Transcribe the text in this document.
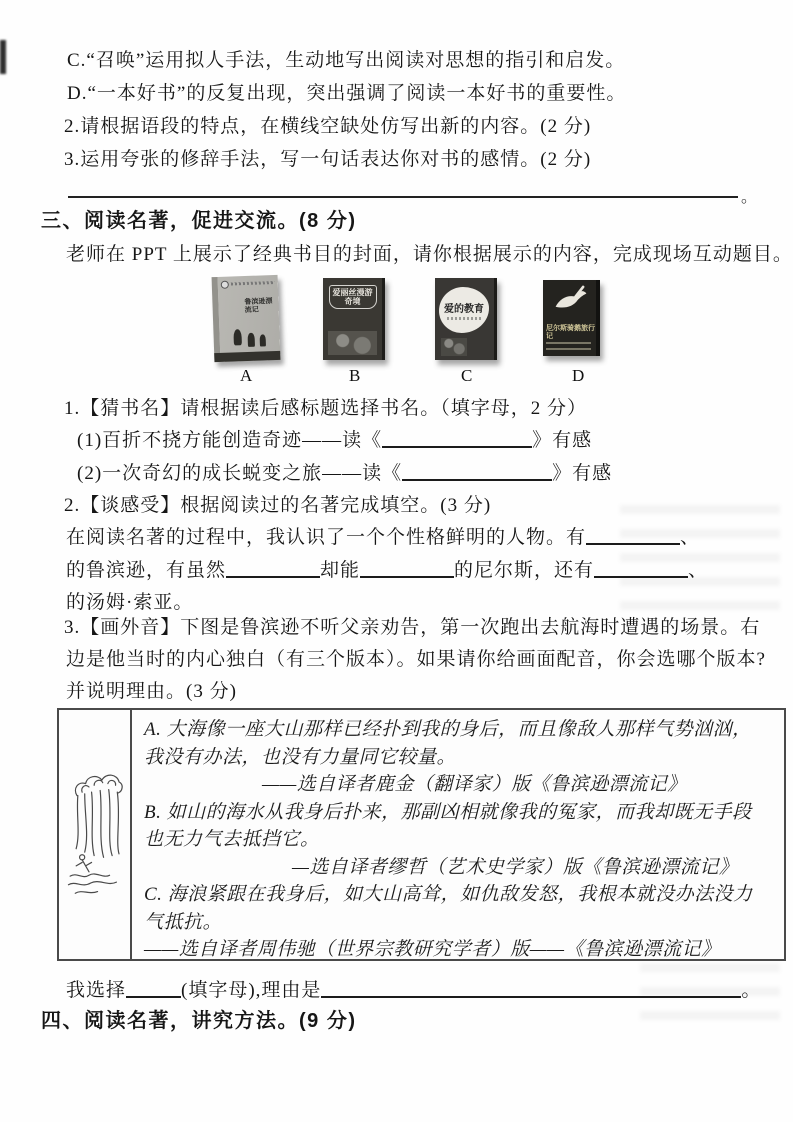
C.“召唤”运用拟人手法，生动地写出阅读对思想的指引和启发。
D.“一本好书”的反复出现，突出强调了阅读一本好书的重要性。
2.请根据语段的特点，在横线空缺处仿写出新的内容。(2 分)
3.运用夸张的修辞手法，写一句话表达你对书的感情。(2 分)
。
三、阅读名著，促进交流。(8 分)
老师在 PPT 上展示了经典书目的封面，请你根据展示的内容，完成现场互动题目。
鲁滨逊漂流记
爱丽丝漫游奇境
爱的教育
尼尔斯骑鹅旅行记
A	B	C	D
1.【猜书名】请根据读后感标题选择书名。（填字母，2 分）
(1)百折不挠方能创造奇迹——读《	》有感
(2)一次奇幻的成长蜕变之旅——读《	》有感
2.【谈感受】根据阅读过的名著完成填空。(3 分)
在阅读名著的过程中，我认识了一个个性格鲜明的人物。有	、
的鲁滨逊，有虽然	却能	的尼尔斯，还有	、
的汤姆·索亚。
3.【画外音】下图是鲁滨逊不听父亲劝告，第一次跑出去航海时遭遇的场景。右
边是他当时的内心独白（有三个版本）。如果请你给画面配音，你会选哪个版本?
并说明理由。(3 分)
A. 大海像一座大山那样已经扑到我的身后，而且像敌人那样气势汹汹，
我没有办法，也没有力量同它较量。
——选自译者鹿金（翻译家）版《鲁滨逊漂流记》
B. 如山的海水从我身后扑来，那副凶相就像我的冤家，而我却既无手段
也无力气去抵挡它。
—选自译者缪哲（艺术史学家）版《鲁滨逊漂流记》
C. 海浪紧跟在我身后，如大山高耸，如仇敌发怒，我根本就没办法没力
气抵抗。
——选自译者周伟驰（世界宗教研究学者）版——《鲁滨逊漂流记》
我选择	(填字母),理由是	。
四、阅读名著，讲究方法。(9 分)
